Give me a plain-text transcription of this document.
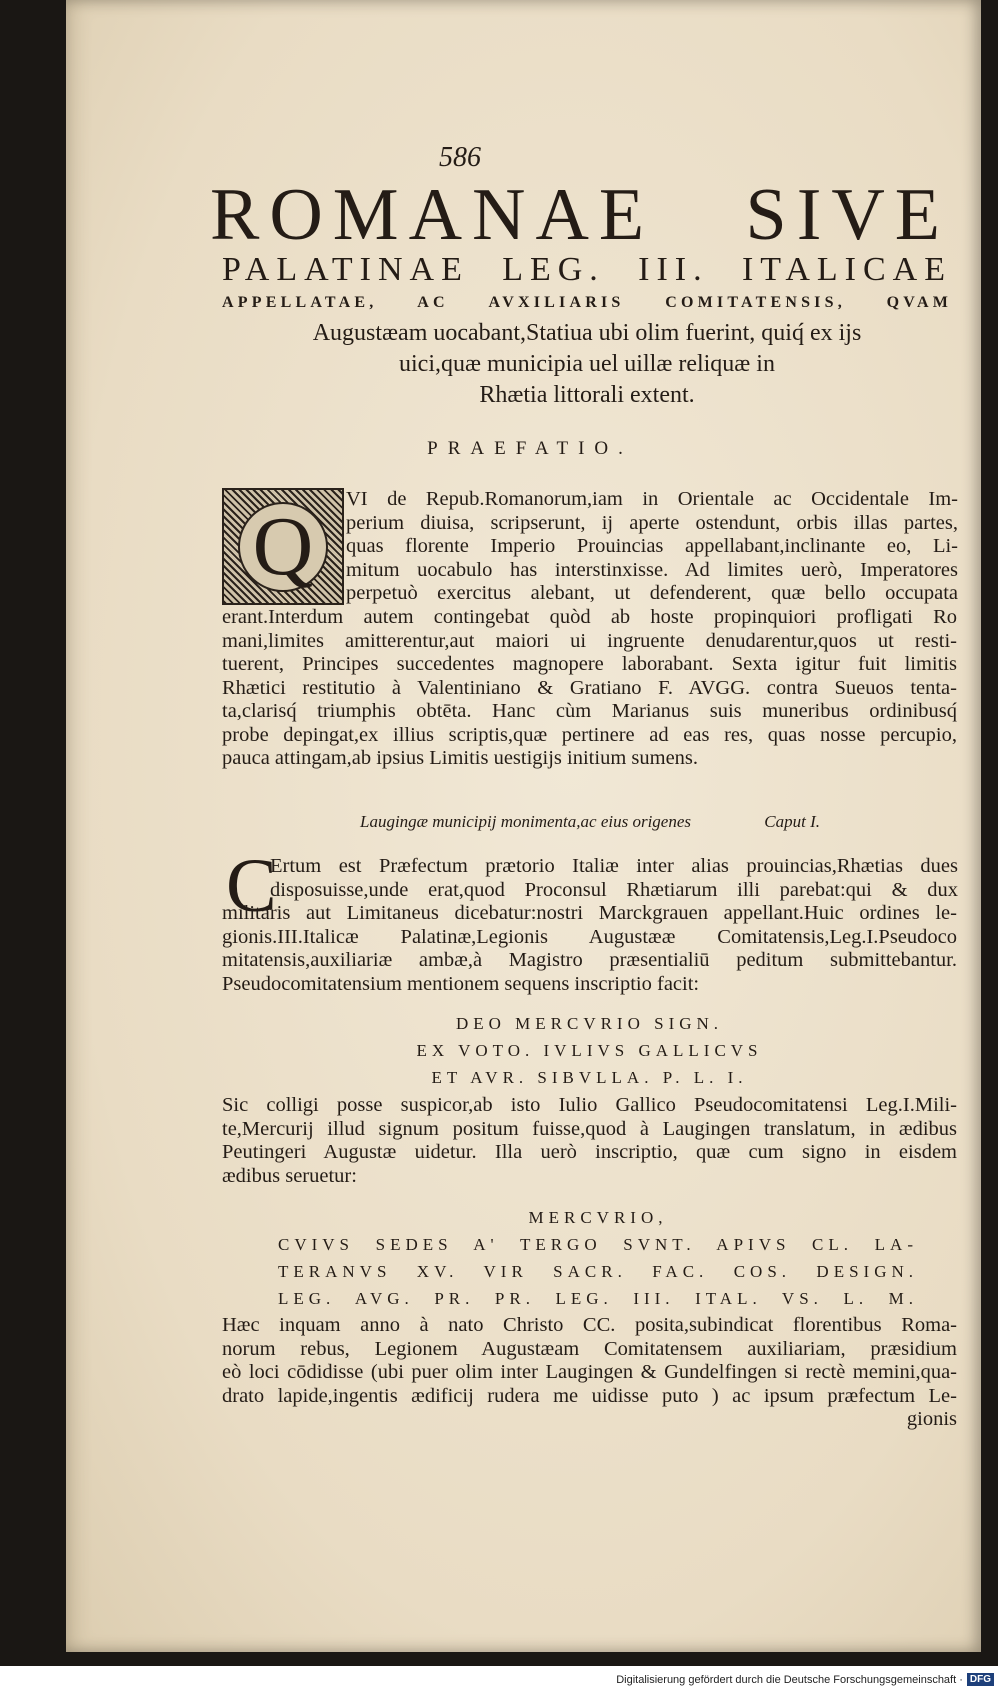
586
ROMANAE SIVE
PALATINAE LEG. III. ITALICAE
APPELLATAE, AC AVXILIARIS COMITATENSIS, QVAM
Augustæam uocabant,Statiua ubi olim fuerint, quiq́ ex ijs
uici,quæ municipia uel uillæ reliquæ in
Rhætia littorali extent.
PRAEFATIO.
Q
VI de Repub.Romanorum,iam in Orientale ac Occidentale Im-
perium diuisa, scripserunt, ij aperte ostendunt, orbis illas partes,
quas florente Imperio Prouincias appellabant,inclinante eo, Li-
mitum uocabulo has interstinxisse. Ad limites uerò, Imperatores
perpetuò exercitus alebant, ut defenderent, quæ bello occupata
erant.Interdum autem contingebat quòd ab hoste propinquiori profligati Ro
mani,limites amitterentur,aut maiori ui ingruente denudarentur,quos ut resti-
tuerent, Principes succedentes magnopere laborabant. Sexta igitur fuit limitis
Rhætici restitutio à Valentiniano & Gratiano F. AVGG. contra Sueuos tenta-
ta,clarisq́ triumphis obtēta. Hanc cùm Marianus suis muneribus ordinibusq́
probe depingat,ex illius scriptis,quæ pertinere ad eas res, quas nosse percupio,
pauca attingam,ab ipsius Limitis uestigijs initium sumens.
Laugingæ municipij monimenta,ac eius origenes	Caput I.
C
Ertum est Præfectum prætorio Italiæ inter alias prouincias,Rhætias dues
disposuisse,unde erat,quod Proconsul Rhætiarum illi parebat:qui & dux
militaris aut Limitaneus dicebatur:nostri Marckgrauen appellant.Huic ordines le-
gionis.III.Italicæ Palatinæ,Legionis Augustææ Comitatensis,Leg.I.Pseudoco
mitatensis,auxiliariæ ambæ,à Magistro præsentialiū peditum submittebantur.
Pseudocomitatensium mentionem sequens inscriptio facit:
DEO MERCVRIO SIGN.
EX VOTO. IVLIVS GALLICVS
ET AVR. SIBVLLA. P. L. I.
Sic colligi posse suspicor,ab isto Iulio Gallico Pseudocomitatensi Leg.I.Mili-
te,Mercurij illud signum positum fuisse,quod à Laugingen translatum, in ædibus
Peutingeri Augustæ uidetur. Illa uerò inscriptio, quæ cum signo in eisdem
ædibus seruetur:
MERCVRIO,
CVIVS SEDES A' TERGO SVNT. APIVS CL. LA-
TERANVS XV. VIR SACR. FAC. COS. DESIGN.
LEG. AVG. PR. PR. LEG. III. ITAL. VS. L. M.
Hæc inquam anno à nato Christo CC. posita,subindicat florentibus Roma-
norum rebus, Legionem Augustæam Comitatensem auxiliariam, præsidium
eò loci cōdidisse (ubi puer olim inter Laugingen & Gundelfingen si rectè memini,qua-
drato lapide,ingentis ædificij rudera me uidisse puto ) ac ipsum præfectum Le-
gionis
Digitalisierung gefördert durch die Deutsche Forschungsgemeinschaft · DFG
